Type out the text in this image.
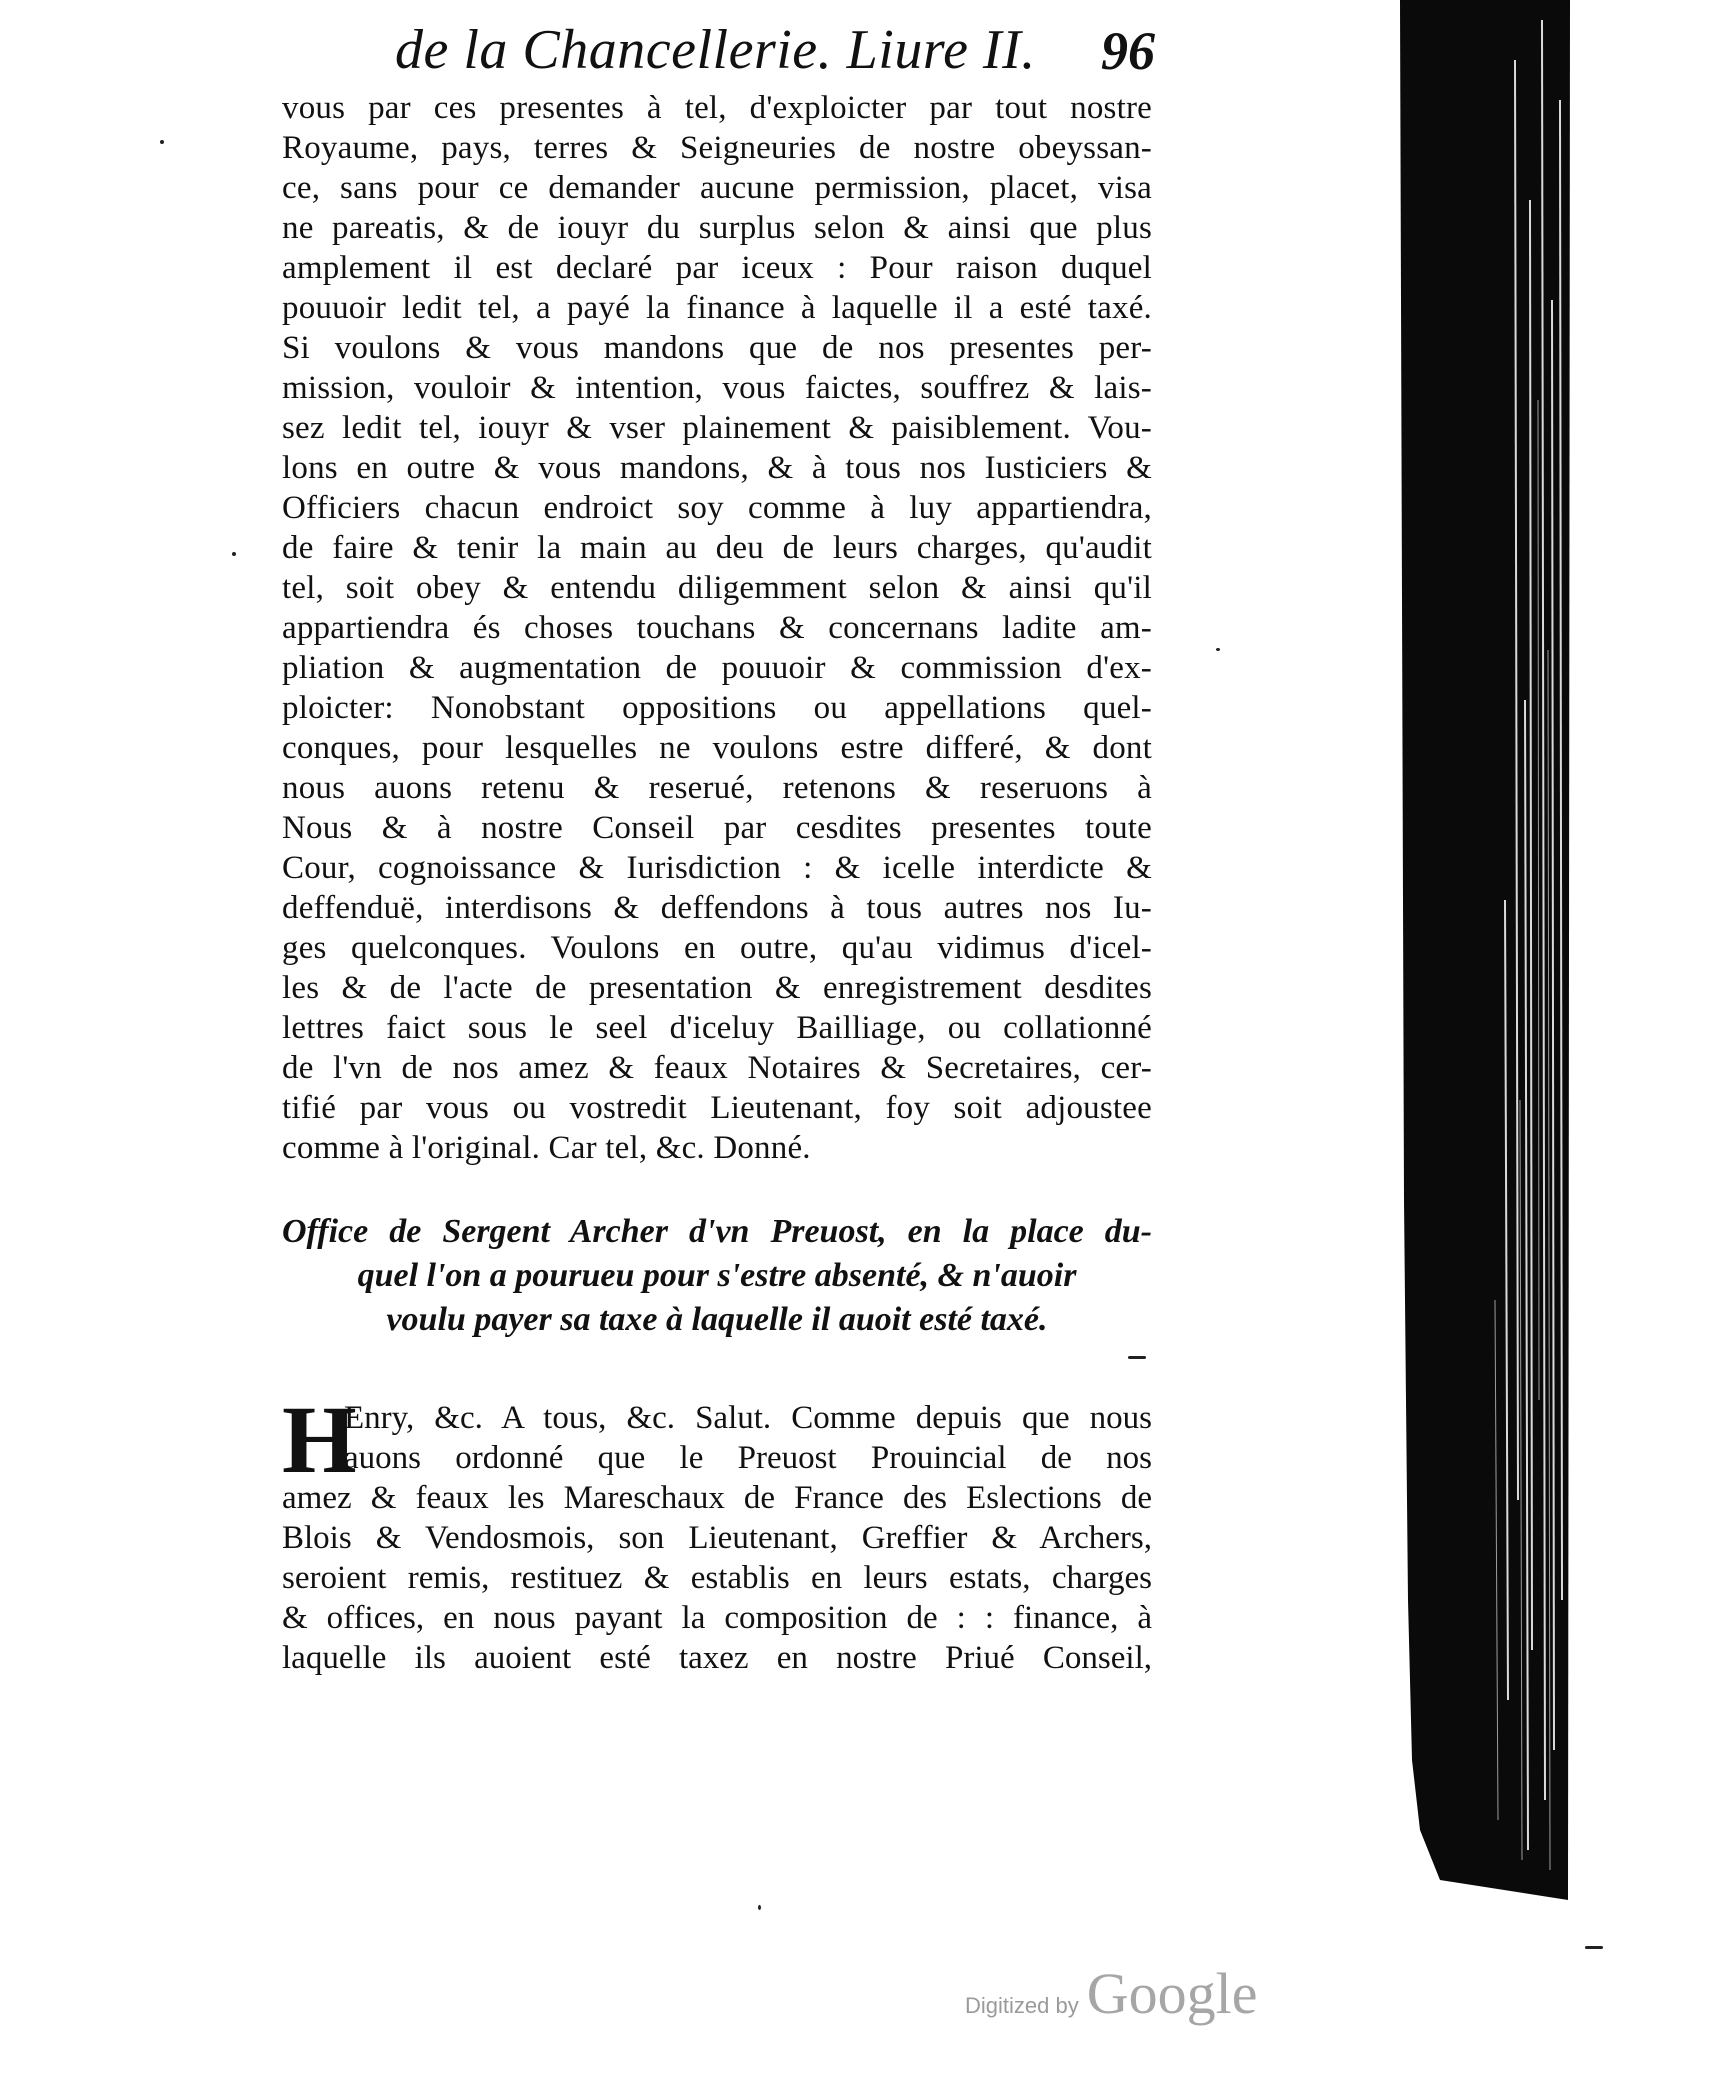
de la Chancellerie. Liure II. 96
vous par ces presentes à tel, d'exploicter par tout nostre
Royaume, pays, terres & Seigneuries de nostre obeyssan-
ce, sans pour ce demander aucune permission, placet, visa
ne pareatis, & de iouyr du surplus selon & ainsi que plus
amplement il est declaré par iceux : Pour raison duquel
pouuoir ledit tel, a payé la finance à laquelle il a esté taxé.
Si voulons & vous mandons que de nos presentes per-
mission, vouloir & intention, vous faictes, souffrez & lais-
sez ledit tel, iouyr & vser plainement & paisiblement. Vou-
lons en outre & vous mandons, & à tous nos Iusticiers &
Officiers chacun endroict soy comme à luy appartiendra,
de faire & tenir la main au deu de leurs charges, qu'audit
tel, soit obey & entendu diligemment selon & ainsi qu'il
appartiendra és choses touchans & concernans ladite am-
pliation & augmentation de pouuoir & commission d'ex-
ploicter: Nonobstant oppositions ou appellations quel-
conques, pour lesquelles ne voulons estre differé, & dont
nous auons retenu & reserué, retenons & reseruons à
Nous & à nostre Conseil par cesdites presentes toute
Cour, cognoissance & Iurisdiction : & icelle interdicte &
deffenduë, interdisons & deffendons à tous autres nos Iu-
ges quelconques. Voulons en outre, qu'au vidimus d'icel-
les & de l'acte de presentation & enregistrement desdites
lettres faict sous le seel d'iceluy Bailliage, ou collationné
de l'vn de nos amez & feaux Notaires & Secretaires, cer-
tifié par vous ou vostredit Lieutenant, foy soit adjoustee
comme à l'original. Car tel, &c. Donné.
Office de Sergent Archer d'vn Preuost, en la place du-
quel l'on a pourueu pour s'estre absenté, & n'auoir
voulu payer sa taxe à laquelle il auoit esté taxé.
H
Enry, &c. A tous, &c. Salut. Comme depuis que nous
auons ordonné que le Preuost Prouincial de nos
amez & feaux les Mareschaux de France des Eslections de
Blois & Vendosmois, son Lieutenant, Greffier & Archers,
seroient remis, restituez & establis en leurs estats, charges
& offices, en nous payant la composition de : : finance, à
laquelle ils auoient esté taxez en nostre Priué Conseil,
Digitized by Google
